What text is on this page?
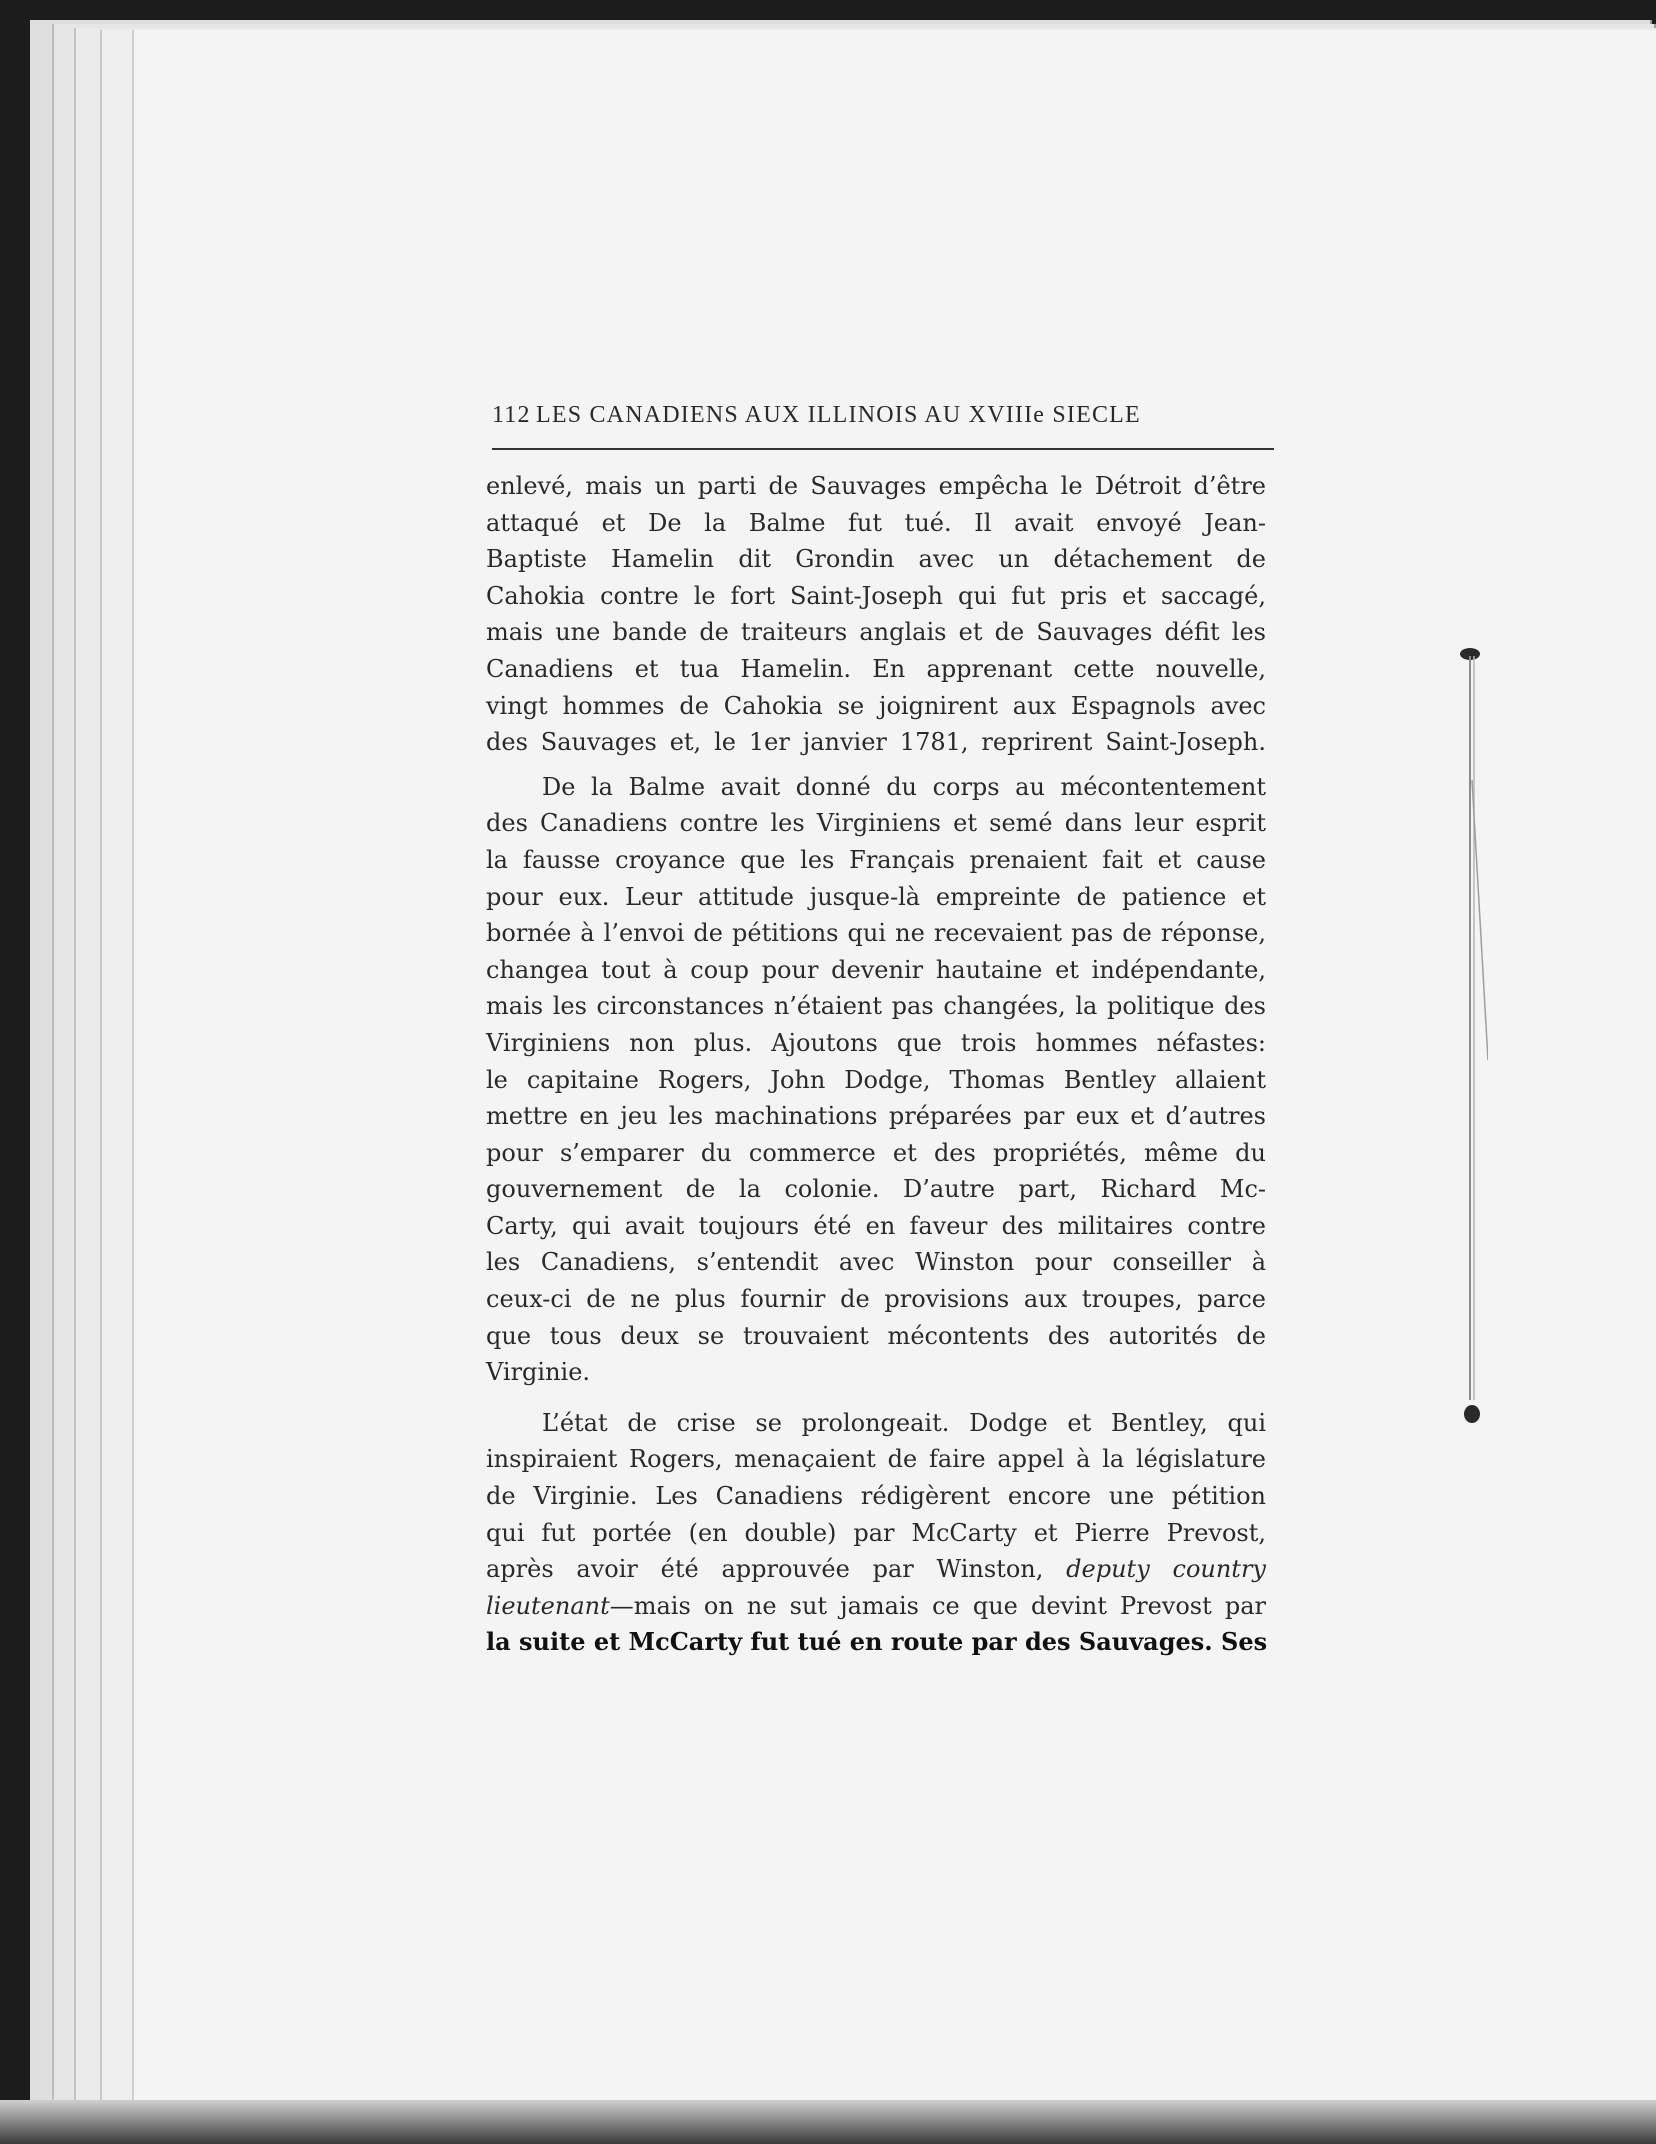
112 LES CANADIENS AUX ILLINOIS AU XVIIIe SIECLE
enlevé, mais un parti de Sauvages empêcha le Détroit d’être
attaqué et De la Balme fut tué. Il avait envoyé Jean-
Baptiste Hamelin dit Grondin avec un détachement de
Cahokia contre le fort Saint-Joseph qui fut pris et saccagé,
mais une bande de traiteurs anglais et de Sauvages défit les
Canadiens et tua Hamelin. En apprenant cette nouvelle,
vingt hommes de Cahokia se joignirent aux Espagnols avec
des Sauvages et, le 1er janvier 1781, reprirent Saint-Joseph.
De la Balme avait donné du corps au mécontentement
des Canadiens contre les Virginiens et semé dans leur esprit
la fausse croyance que les Français prenaient fait et cause
pour eux. Leur attitude jusque-là empreinte de patience et
bornée à l’envoi de pétitions qui ne recevaient pas de réponse,
changea tout à coup pour devenir hautaine et indépendante,
mais les circonstances n’étaient pas changées, la politique des
Virginiens non plus. Ajoutons que trois hommes néfastes:
le capitaine Rogers, John Dodge, Thomas Bentley allaient
mettre en jeu les machinations préparées par eux et d’autres
pour s’emparer du commerce et des propriétés, même du
gouvernement de la colonie. D’autre part, Richard Mc-
Carty, qui avait toujours été en faveur des militaires contre
les Canadiens, s’entendit avec Winston pour conseiller à
ceux-ci de ne plus fournir de provisions aux troupes, parce
que tous deux se trouvaient mécontents des autorités de
Virginie.
L’état de crise se prolongeait. Dodge et Bentley, qui
inspiraient Rogers, menaçaient de faire appel à la législature
de Virginie. Les Canadiens rédigèrent encore une pétition
qui fut portée (en double) par McCarty et Pierre Prevost,
après avoir été approuvée par Winston, deputy country
lieutenant—mais on ne sut jamais ce que devint Prevost par
la suite et McCarty fut tué en route par des Sauvages. Ses
